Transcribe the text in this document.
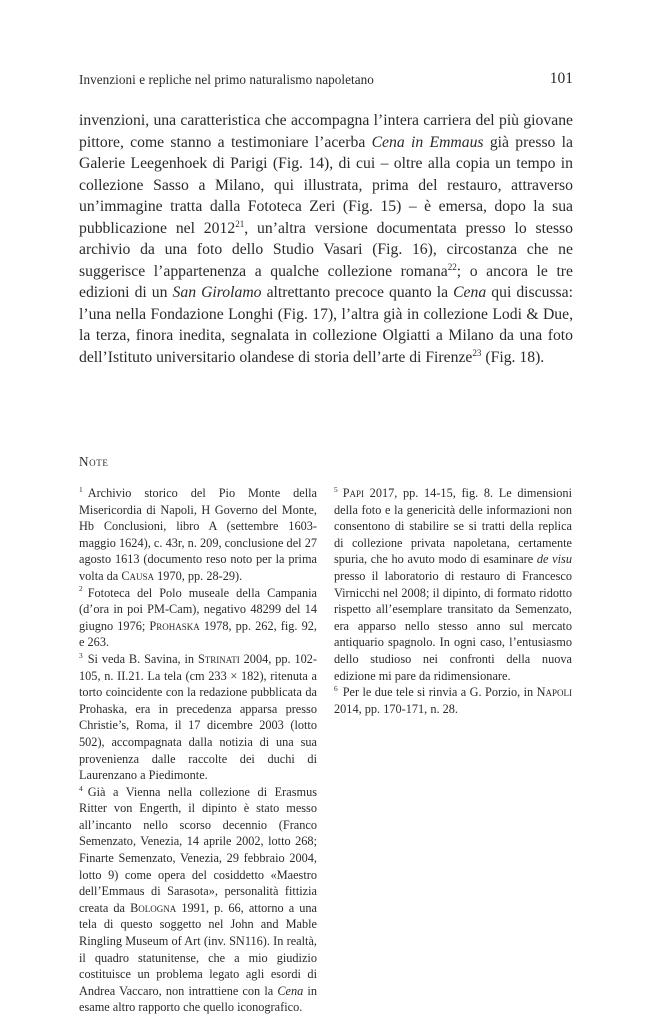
Invenzioni e repliche nel primo naturalismo napoletano	101

invenzioni, una caratteristica che accompagna l’intera carriera del più giovane pittore, come stanno a testimoniare l’acerba Cena in Emmaus già presso la Galerie Leegenhoek di Parigi (Fig. 14), di cui – oltre alla copia un tempo in collezione Sasso a Milano, qui illustrata, prima del restauro, attraverso un’immagine tratta dalla Fototeca Zeri (Fig. 15) – è emersa, dopo la sua pubblicazione nel 2012$^{21}$, un’altra versione documentata presso lo stesso archivio da una foto dello Studio Vasari (Fig. 16), circostanza che ne suggerisce l’appartenenza a qualche collezione romana$^{22}$; o ancora le tre edizioni di un San Girolamo altrettanto precoce quanto la Cena qui discussa: l’una nella Fondazione Longhi (Fig. 17), l’altra già in collezione Lodi & Due, la terza, finora inedita, segnalata in collezione Olgiatti a Milano da una foto dell’Istituto universitario olandese di storia dell’arte di Firenze$^{23}$ (Fig. 18).

Note

$^1$ Archivio storico del Pio Monte della Misericordia di Napoli, H Governo del Monte, Hb Conclusioni, libro A (settembre 1603-maggio 1624), c. 43r, n. 209, conclusione del 27 agosto 1613 (documento reso noto per la prima volta da Causa 1970, pp. 28-29).

$^2$ Fototeca del Polo museale della Campania (d’ora in poi PM-Cam), negativo 48299 del 14 giugno 1976; Prohaska 1978, pp. 262, fig. 92, e 263.

$^3$ Si veda B. Savina, in Strinati 2004, pp. 102-105, n. II.21. La tela (cm 233 × 182), ritenuta a torto coincidente con la redazione pubblicata da Prohaska, era in precedenza apparsa presso Christie’s, Roma, il 17 dicembre 2003 (lotto 502), accompagnata dalla notizia di una sua provenienza dalle raccolte dei duchi di Laurenzano a Piedimonte.

$^4$ Già a Vienna nella collezione di Erasmus Ritter von Engerth, il dipinto è stato messo all’incanto nello scorso decennio (Franco Semenzato, Venezia, 14 aprile 2002, lotto 268; Finarte Semenzato, Venezia, 29 febbraio 2004, lotto 9) come opera del cosiddetto «Maestro dell’Emmaus di Sarasota», personalità fittizia creata da Bologna 1991, p. 66, attorno a una tela di questo soggetto nel John and Mable Ringling Museum of Art (inv. SN116). In realtà, il quadro statunitense, che a mio giudizio costituisce un problema legato agli esordi di Andrea Vaccaro, non intrattiene con la Cena in esame altro rapporto che quello iconografico.

$^5$ Papi 2017, pp. 14-15, fig. 8. Le dimensioni della foto e la genericità delle informazioni non consentono di stabilire se si tratti della replica di collezione privata napoletana, certamente spuria, che ho avuto modo di esaminare de visu presso il laboratorio di restauro di Francesco Virnicchi nel 2008; il dipinto, di formato ridotto rispetto all’esemplare transitato da Semenzato, era apparso nello stesso anno sul mercato antiquario spagnolo. In ogni caso, l’entusiasmo dello studioso nei confronti della nuova edizione mi pare da ridimensionare.

$^6$ Per le due tele si rinvia a G. Porzio, in Napoli 2014, pp. 170-171, n. 28.
